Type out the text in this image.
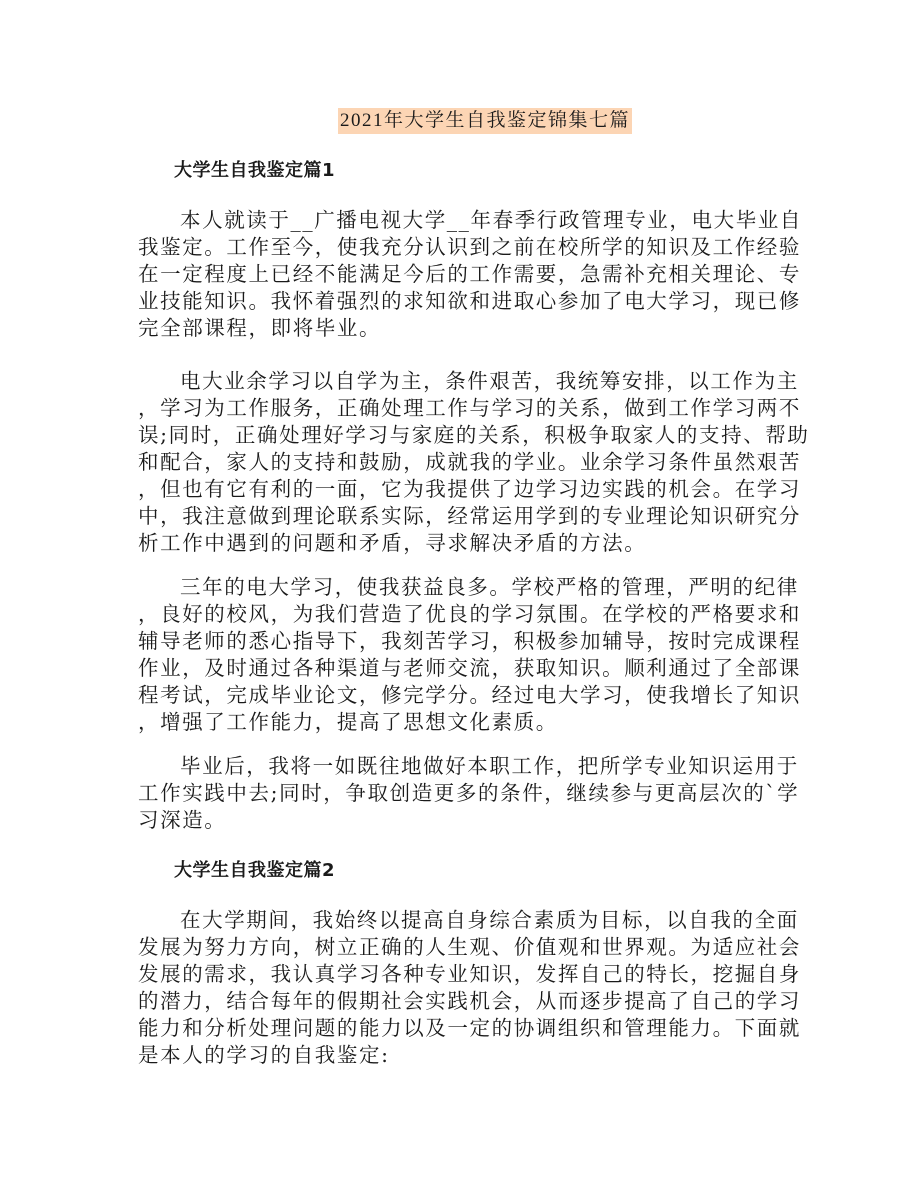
2021年大学生自我鉴定锦集七篇
大学生自我鉴定篇1
本人就读于__广播电视大学__年春季行政管理专业，电大毕业自
我鉴定。工作至今，使我充分认识到之前在校所学的知识及工作经验
在一定程度上已经不能满足今后的工作需要，急需补充相关理论、专
业技能知识。我怀着强烈的求知欲和进取心参加了电大学习，现已修
完全部课程，即将毕业。
电大业余学习以自学为主，条件艰苦，我统筹安排，以工作为主
，学习为工作服务，正确处理工作与学习的关系，做到工作学习两不
误;同时，正确处理好学习与家庭的关系，积极争取家人的支持、帮助
和配合，家人的支持和鼓励，成就我的学业。业余学习条件虽然艰苦
，但也有它有利的一面，它为我提供了边学习边实践的机会。在学习
中，我注意做到理论联系实际，经常运用学到的专业理论知识研究分
析工作中遇到的问题和矛盾，寻求解决矛盾的方法。
三年的电大学习，使我获益良多。学校严格的管理，严明的纪律
，良好的校风，为我们营造了优良的学习氛围。在学校的严格要求和
辅导老师的悉心指导下，我刻苦学习，积极参加辅导，按时完成课程
作业，及时通过各种渠道与老师交流，获取知识。顺利通过了全部课
程考试，完成毕业论文，修完学分。经过电大学习，使我增长了知识
，增强了工作能力，提高了思想文化素质。
毕业后，我将一如既往地做好本职工作，把所学专业知识运用于
工作实践中去;同时，争取创造更多的条件，继续参与更高层次的`学
习深造。
大学生自我鉴定篇2
在大学期间，我始终以提高自身综合素质为目标，以自我的全面
发展为努力方向，树立正确的人生观、价值观和世界观。为适应社会
发展的需求，我认真学习各种专业知识，发挥自己的特长，挖掘自身
的潜力，结合每年的假期社会实践机会，从而逐步提高了自己的学习
能力和分析处理问题的能力以及一定的协调组织和管理能力。下面就
是本人的学习的自我鉴定:
